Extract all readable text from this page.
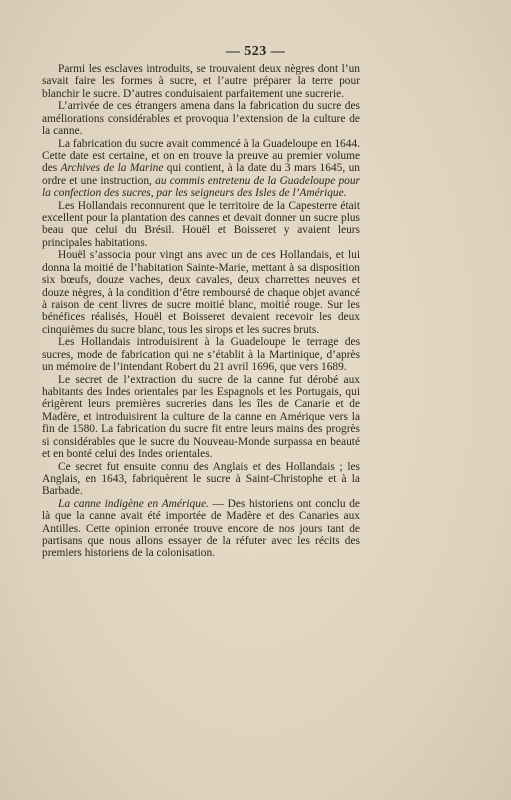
— 523 —

Parmi les esclaves introduits, se trouvaient deux nègres dont l’un savait faire les formes à sucre, et l’autre préparer la terre pour blanchir le sucre. D’autres conduisaient parfaitement une sucrerie.

L’arrivée de ces étrangers amena dans la fabrication du sucre des améliorations considérables et provoqua l’extension de la culture de la canne.

La fabrication du sucre avait commencé à la Guadeloupe en 1644. Cette date est certaine, et on en trouve la preuve au premier volume des Archives de la Marine qui contient, à la date du 3 mars 1645, un ordre et une instruction, au commis entretenu de la Guadeloupe pour la confection des sucres, par les seigneurs des Isles de l’Amérique.

Les Hollandais reconnurent que le territoire de la Capesterre était excellent pour la plantation des cannes et devait donner un sucre plus beau que celui du Brésil. Houël et Boisseret y avaient leurs principales habitations.

Houël s’associa pour vingt ans avec un de ces Hollandais, et lui donna la moitié de l’habitation Sainte-Marie, mettant à sa disposition six bœufs, douze vaches, deux cavales, deux charrettes neuves et douze nègres, à la condition d’être remboursé de chaque objet avancé à raison de cent livres de sucre moitié blanc, moitié rouge. Sur les bénéfices réalisés, Houël et Boisseret devaient recevoir les deux cinquièmes du sucre blanc, tous les sirops et les sucres bruts.

Les Hollandais introduisirent à la Guadeloupe le terrage des sucres, mode de fabrication qui ne s’établit à la Martinique, d’après un mémoire de l’intendant Robert du 21 avril 1696, que vers 1689.

Le secret de l’extraction du sucre de la canne fut dérobé aux habitants des Indes orientales par les Espagnols et les Portugais, qui érigèrent leurs premières sucreries dans les îles de Canarie et de Madère, et introduisirent la culture de la canne en Amérique vers la fin de 1580. La fabrication du sucre fit entre leurs mains des progrès si considérables que le sucre du Nouveau-Monde surpassa en beauté et en bonté celui des Indes orientales.

Ce secret fut ensuite connu des Anglais et des Hollandais ; les Anglais, en 1643, fabriquèrent le sucre à Saint-Christophe et à la Barbade.

La canne indigène en Amérique. — Des historiens ont conclu de là que la canne avait été importée de Madère et des Canaries aux Antilles. Cette opinion erronée trouve encore de nos jours tant de partisans que nous allons essayer de la réfuter avec les récits des premiers historiens de la colonisation.
